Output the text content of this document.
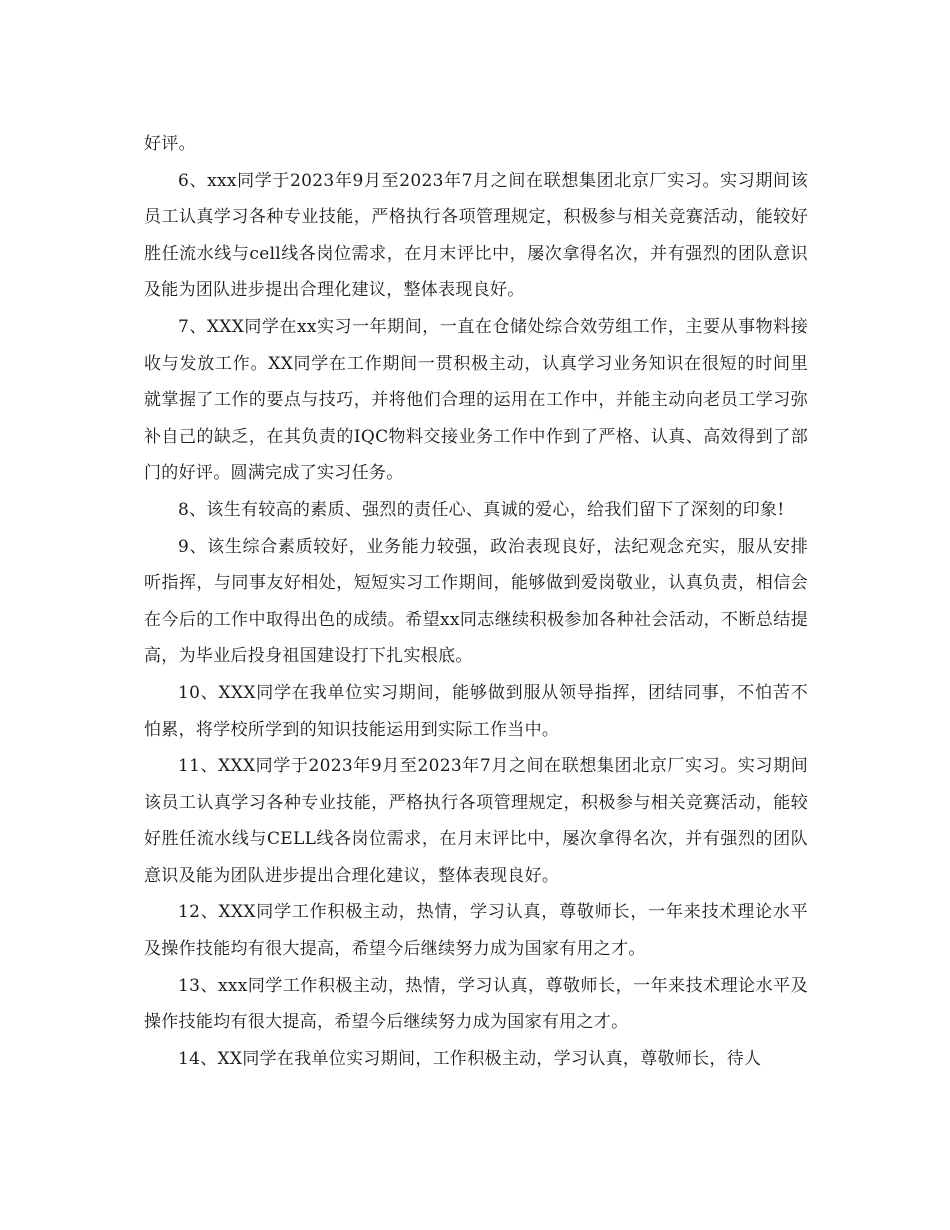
好评。

6、xxx同学于2023年9月至2023年7月之间在联想集团北京厂实习。实习期间该员工认真学习各种专业技能，严格执行各项管理规定，积极参与相关竞赛活动，能较好胜任流水线与cell线各岗位需求，在月末评比中，屡次拿得名次，并有强烈的团队意识及能为团队进步提出合理化建议，整体表现良好。

7、XXX同学在xx实习一年期间，一直在仓储处综合效劳组工作，主要从事物料接收与发放工作。XX同学在工作期间一贯积极主动，认真学习业务知识在很短的时间里就掌握了工作的要点与技巧，并将他们合理的运用在工作中，并能主动向老员工学习弥补自己的缺乏，在其负责的IQC物料交接业务工作中作到了严格、认真、高效得到了部门的好评。圆满完成了实习任务。

8、该生有较高的素质、强烈的责任心、真诚的爱心，给我们留下了深刻的印象!

9、该生综合素质较好，业务能力较强，政治表现良好，法纪观念充实，服从安排听指挥，与同事友好相处，短短实习工作期间，能够做到爱岗敬业，认真负责，相信会在今后的工作中取得出色的成绩。希望xx同志继续积极参加各种社会活动，不断总结提高，为毕业后投身祖国建设打下扎实根底。

10、XXX同学在我单位实习期间，能够做到服从领导指挥，团结同事，不怕苦不怕累，将学校所学到的知识技能运用到实际工作当中。

11、XXX同学于2023年9月至2023年7月之间在联想集团北京厂实习。实习期间该员工认真学习各种专业技能，严格执行各项管理规定，积极参与相关竞赛活动，能较好胜任流水线与CELL线各岗位需求，在月末评比中，屡次拿得名次，并有强烈的团队意识及能为团队进步提出合理化建议，整体表现良好。

12、XXX同学工作积极主动，热情，学习认真，尊敬师长，一年来技术理论水平及操作技能均有很大提高，希望今后继续努力成为国家有用之才。

13、xxx同学工作积极主动，热情，学习认真，尊敬师长，一年来技术理论水平及操作技能均有很大提高，希望今后继续努力成为国家有用之才。

14、XX同学在我单位实习期间，工作积极主动，学习认真，尊敬师长，待人
